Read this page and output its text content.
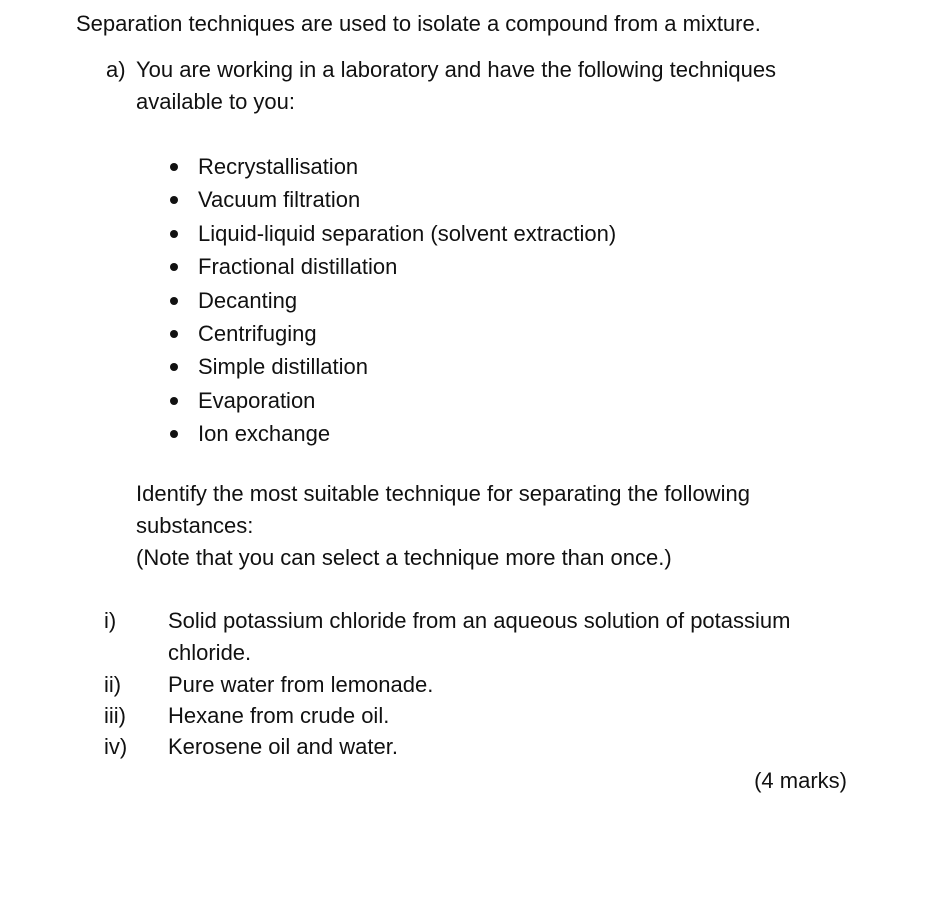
Separation techniques are used to isolate a compound from a mixture.
a) You are working in a laboratory and have the following techniques
available to you:
Recrystallisation
Vacuum filtration
Liquid-liquid separation (solvent extraction)
Fractional distillation
Decanting
Centrifuging
Simple distillation
Evaporation
Ion exchange
Identify the most suitable technique for separating the following
substances:
(Note that you can select a technique more than once.)
i) Solid potassium chloride from an aqueous solution of potassium
chloride.
ii) Pure water from lemonade.
iii) Hexane from crude oil.
iv) Kerosene oil and water.
(4 marks)
